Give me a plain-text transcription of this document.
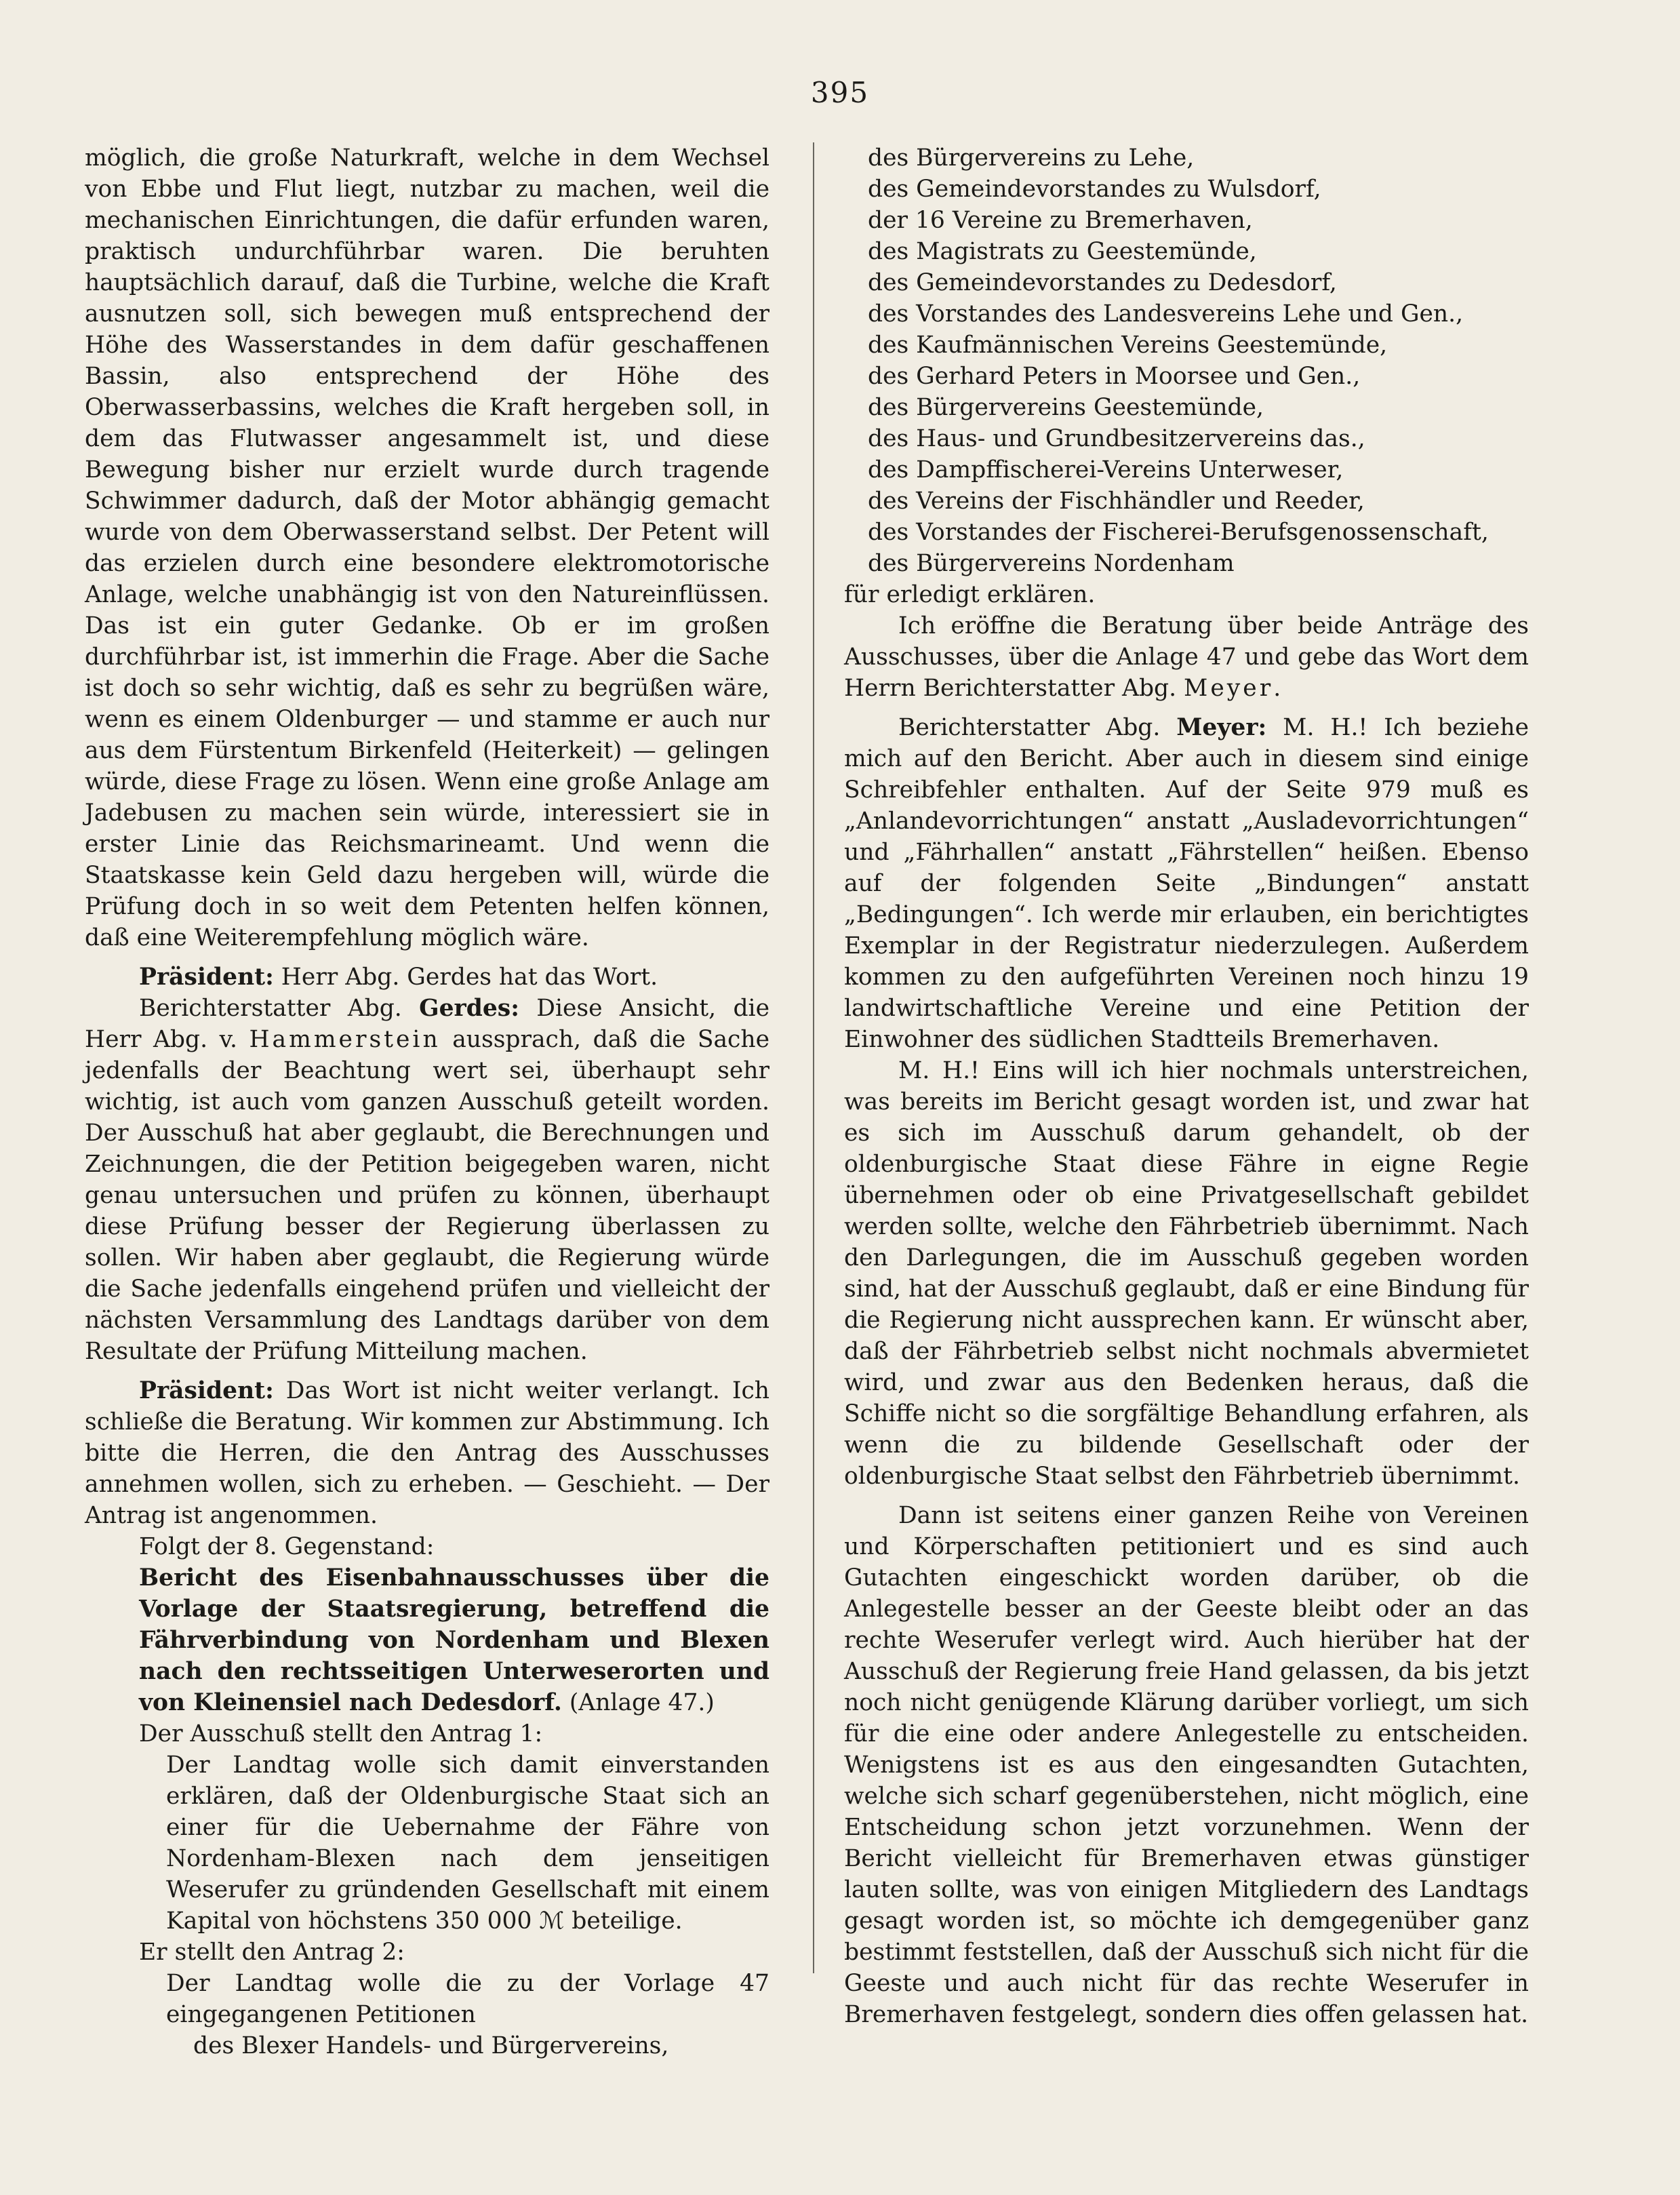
395

möglich, die große Naturkraft, welche in dem Wechsel von Ebbe und Flut liegt, nutzbar zu machen, weil die mechanischen Einrichtungen, die dafür erfunden waren, praktisch undurchführbar waren. Die beruhten hauptsächlich darauf, daß die Turbine, welche die Kraft ausnutzen soll, sich bewegen muß entsprechend der Höhe des Wasserstandes in dem dafür geschaffenen Bassin, also entsprechend der Höhe des Oberwasserbassins, welches die Kraft hergeben soll, in dem das Flutwasser angesammelt ist, und diese Bewegung bisher nur erzielt wurde durch tragende Schwimmer dadurch, daß der Motor abhängig gemacht wurde von dem Oberwasserstand selbst. Der Petent will das erzielen durch eine besondere elektromotorische Anlage, welche unabhängig ist von den Natureinflüssen. Das ist ein guter Gedanke. Ob er im großen durchführbar ist, ist immerhin die Frage. Aber die Sache ist doch so sehr wichtig, daß es sehr zu begrüßen wäre, wenn es einem Oldenburger — und stamme er auch nur aus dem Fürstentum Birkenfeld (Heiterkeit) — gelingen würde, diese Frage zu lösen. Wenn eine große Anlage am Jadebusen zu machen sein würde, interessiert sie in erster Linie das Reichsmarineamt. Und wenn die Staatskasse kein Geld dazu hergeben will, würde die Prüfung doch in so weit dem Petenten helfen können, daß eine Weiterempfehlung möglich wäre.

Präsident: Herr Abg. Gerdes hat das Wort.

Berichterstatter Abg. Gerdes: Diese Ansicht, die Herr Abg. v. Hammerstein aussprach, daß die Sache jedenfalls der Beachtung wert sei, überhaupt sehr wichtig, ist auch vom ganzen Ausschuß geteilt worden. Der Ausschuß hat aber geglaubt, die Berechnungen und Zeichnungen, die der Petition beigegeben waren, nicht genau untersuchen und prüfen zu können, überhaupt diese Prüfung besser der Regierung überlassen zu sollen. Wir haben aber geglaubt, die Regierung würde die Sache jedenfalls eingehend prüfen und vielleicht der nächsten Versammlung des Landtags darüber von dem Resultate der Prüfung Mitteilung machen.

Präsident: Das Wort ist nicht weiter verlangt. Ich schließe die Beratung. Wir kommen zur Abstimmung. Ich bitte die Herren, die den Antrag des Ausschusses annehmen wollen, sich zu erheben. — Geschieht. — Der Antrag ist angenommen.

Folgt der 8. Gegenstand:

Bericht des Eisenbahnausschusses über die Vorlage der Staatsregierung, betreffend die Fährverbindung von Nordenham und Blexen nach den rechtsseitigen Unterweserorten und von Kleinensiel nach Dedesdorf. (Anlage 47.)

Der Ausschuß stellt den Antrag 1:

Der Landtag wolle sich damit einverstanden erklären, daß der Oldenburgische Staat sich an einer für die Uebernahme der Fähre von Nordenham-Blexen nach dem jenseitigen Weserufer zu gründenden Gesellschaft mit einem Kapital von höchstens 350 000 ℳ beteilige.

Er stellt den Antrag 2:

Der Landtag wolle die zu der Vorlage 47 eingegangenen Petitionen

des Blexer Handels- und Bürgervereins,

des Bürgervereins zu Lehe,

des Gemeindevorstandes zu Wulsdorf,

der 16 Vereine zu Bremerhaven,

des Magistrats zu Geestemünde,

des Gemeindevorstandes zu Dedesdorf,

des Vorstandes des Landesvereins Lehe und Gen.,

des Kaufmännischen Vereins Geestemünde,

des Gerhard Peters in Moorsee und Gen.,

des Bürgervereins Geestemünde,

des Haus- und Grundbesitzervereins das.,

des Dampffischerei-Vereins Unterweser,

des Vereins der Fischhändler und Reeder,

des Vorstandes der Fischerei-Berufsgenossenschaft,

des Bürgervereins Nordenham

für erledigt erklären.

Ich eröffne die Beratung über beide Anträge des Ausschusses, über die Anlage 47 und gebe das Wort dem Herrn Berichterstatter Abg. Meyer.

Berichterstatter Abg. Meyer: M. H.! Ich beziehe mich auf den Bericht. Aber auch in diesem sind einige Schreibfehler enthalten. Auf der Seite 979 muß es „Anlandevorrichtungen“ anstatt „Ausladevorrichtungen“ und „Fährhallen“ anstatt „Fährstellen“ heißen. Ebenso auf der folgenden Seite „Bindungen“ anstatt „Bedingungen“. Ich werde mir erlauben, ein berichtigtes Exemplar in der Registratur niederzulegen. Außerdem kommen zu den aufgeführten Vereinen noch hinzu 19 landwirtschaftliche Vereine und eine Petition der Einwohner des südlichen Stadtteils Bremerhaven.

M. H.! Eins will ich hier nochmals unterstreichen, was bereits im Bericht gesagt worden ist, und zwar hat es sich im Ausschuß darum gehandelt, ob der oldenburgische Staat diese Fähre in eigne Regie übernehmen oder ob eine Privatgesellschaft gebildet werden sollte, welche den Fährbetrieb übernimmt. Nach den Darlegungen, die im Ausschuß gegeben worden sind, hat der Ausschuß geglaubt, daß er eine Bindung für die Regierung nicht aussprechen kann. Er wünscht aber, daß der Fährbetrieb selbst nicht nochmals abvermietet wird, und zwar aus den Bedenken heraus, daß die Schiffe nicht so die sorgfältige Behandlung erfahren, als wenn die zu bildende Gesellschaft oder der oldenburgische Staat selbst den Fährbetrieb übernimmt.

Dann ist seitens einer ganzen Reihe von Vereinen und Körperschaften petitioniert und es sind auch Gutachten eingeschickt worden darüber, ob die Anlegestelle besser an der Geeste bleibt oder an das rechte Weserufer verlegt wird. Auch hierüber hat der Ausschuß der Regierung freie Hand gelassen, da bis jetzt noch nicht genügende Klärung darüber vorliegt, um sich für die eine oder andere Anlegestelle zu entscheiden. Wenigstens ist es aus den eingesandten Gutachten, welche sich scharf gegenüberstehen, nicht möglich, eine Entscheidung schon jetzt vorzunehmen. Wenn der Bericht vielleicht für Bremerhaven etwas günstiger lauten sollte, was von einigen Mitgliedern des Landtags gesagt worden ist, so möchte ich demgegenüber ganz bestimmt feststellen, daß der Ausschuß sich nicht für die Geeste und auch nicht für das rechte Weserufer in Bremerhaven festgelegt, sondern dies offen gelassen hat.
